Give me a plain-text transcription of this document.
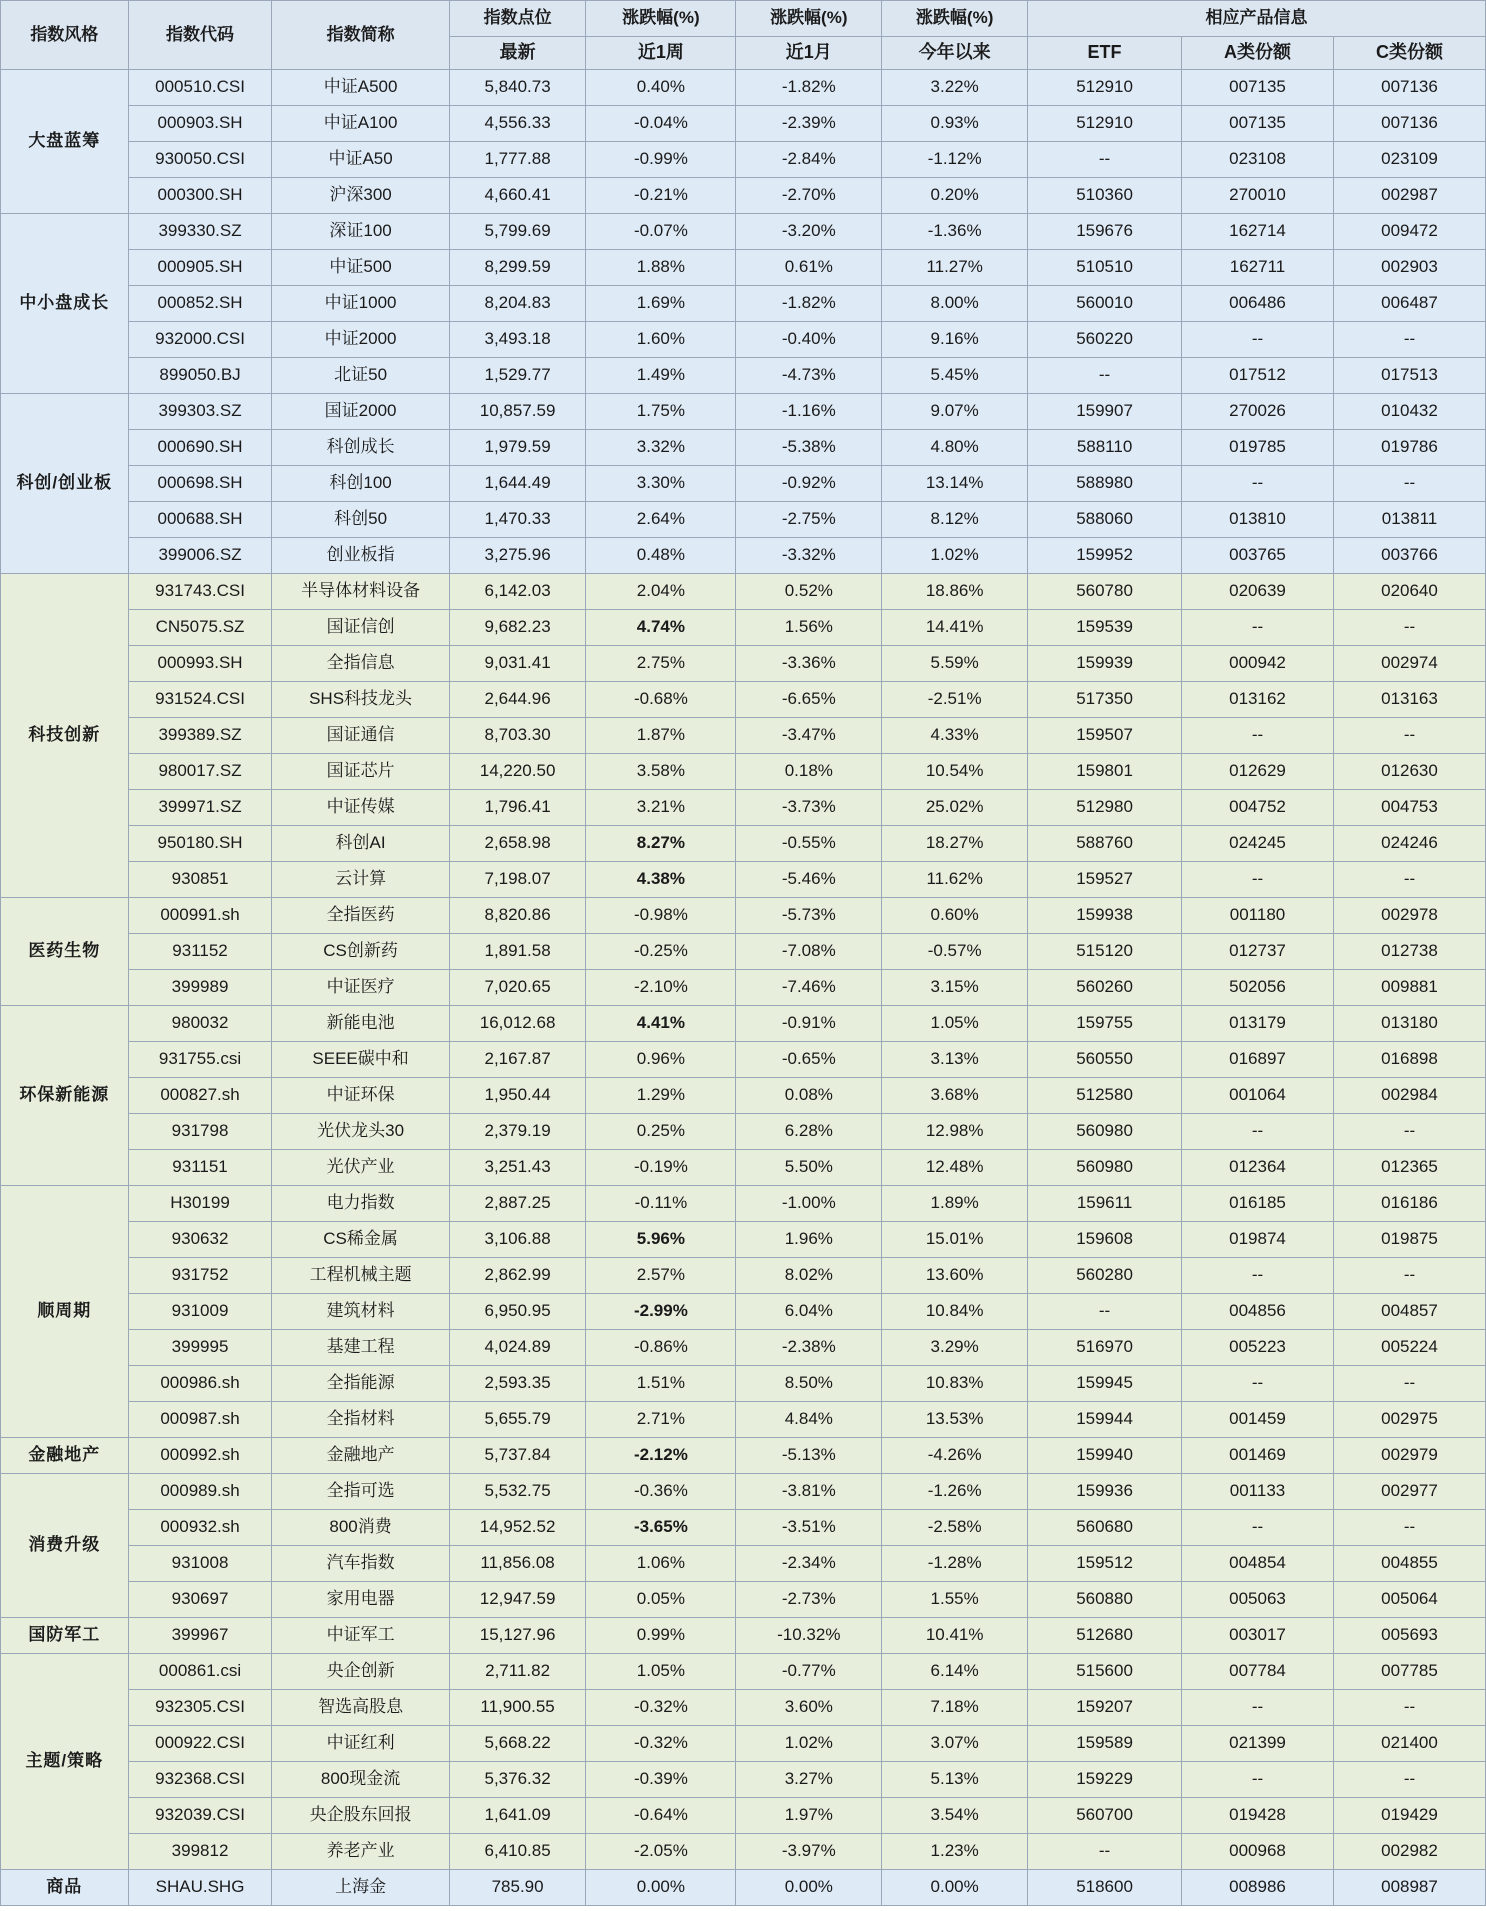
指数风格	指数代码	指数简称	指数点位	涨跌幅(%)	涨跌幅(%)	涨跌幅(%)	相应产品信息		
			最新	近1周	近1月	今年以来	ETF	A类份额	C类份额
大盘蓝筹	000510.CSI	中证A500	5,840.73	0.40%	-1.82%	3.22%	512910	007135	007136
	000903.SH	中证A100	4,556.33	-0.04%	-2.39%	0.93%	512910	007135	007136
	930050.CSI	中证A50	1,777.88	-0.99%	-2.84%	-1.12%	--	023108	023109
	000300.SH	沪深300	4,660.41	-0.21%	-2.70%	0.20%	510360	270010	002987
中小盘成长	399330.SZ	深证100	5,799.69	-0.07%	-3.20%	-1.36%	159676	162714	009472
	000905.SH	中证500	8,299.59	1.88%	0.61%	11.27%	510510	162711	002903
	000852.SH	中证1000	8,204.83	1.69%	-1.82%	8.00%	560010	006486	006487
	932000.CSI	中证2000	3,493.18	1.60%	-0.40%	9.16%	560220	--	--
	899050.BJ	北证50	1,529.77	1.49%	-4.73%	5.45%	--	017512	017513
科创/创业板	399303.SZ	国证2000	10,857.59	1.75%	-1.16%	9.07%	159907	270026	010432
	000690.SH	科创成长	1,979.59	3.32%	-5.38%	4.80%	588110	019785	019786
	000698.SH	科创100	1,644.49	3.30%	-0.92%	13.14%	588980	--	--
	000688.SH	科创50	1,470.33	2.64%	-2.75%	8.12%	588060	013810	013811
	399006.SZ	创业板指	3,275.96	0.48%	-3.32%	1.02%	159952	003765	003766
科技创新	931743.CSI	半导体材料设备	6,142.03	2.04%	0.52%	18.86%	560780	020639	020640
	CN5075.SZ	国证信创	9,682.23	4.74%	1.56%	14.41%	159539	--	--
	000993.SH	全指信息	9,031.41	2.75%	-3.36%	5.59%	159939	000942	002974
	931524.CSI	SHS科技龙头	2,644.96	-0.68%	-6.65%	-2.51%	517350	013162	013163
	399389.SZ	国证通信	8,703.30	1.87%	-3.47%	4.33%	159507	--	--
	980017.SZ	国证芯片	14,220.50	3.58%	0.18%	10.54%	159801	012629	012630
	399971.SZ	中证传媒	1,796.41	3.21%	-3.73%	25.02%	512980	004752	004753
	950180.SH	科创AI	2,658.98	8.27%	-0.55%	18.27%	588760	024245	024246
	930851	云计算	7,198.07	4.38%	-5.46%	11.62%	159527	--	--
医药生物	000991.sh	全指医药	8,820.86	-0.98%	-5.73%	0.60%	159938	001180	002978
	931152	CS创新药	1,891.58	-0.25%	-7.08%	-0.57%	515120	012737	012738
	399989	中证医疗	7,020.65	-2.10%	-7.46%	3.15%	560260	502056	009881
环保新能源	980032	新能电池	16,012.68	4.41%	-0.91%	1.05%	159755	013179	013180
	931755.csi	SEEE碳中和	2,167.87	0.96%	-0.65%	3.13%	560550	016897	016898
	000827.sh	中证环保	1,950.44	1.29%	0.08%	3.68%	512580	001064	002984
	931798	光伏龙头30	2,379.19	0.25%	6.28%	12.98%	560980	--	--
	931151	光伏产业	3,251.43	-0.19%	5.50%	12.48%	560980	012364	012365
顺周期	H30199	电力指数	2,887.25	-0.11%	-1.00%	1.89%	159611	016185	016186
	930632	CS稀金属	3,106.88	5.96%	1.96%	15.01%	159608	019874	019875
	931752	工程机械主题	2,862.99	2.57%	8.02%	13.60%	560280	--	--
	931009	建筑材料	6,950.95	-2.99%	6.04%	10.84%	--	004856	004857
	399995	基建工程	4,024.89	-0.86%	-2.38%	3.29%	516970	005223	005224
	000986.sh	全指能源	2,593.35	1.51%	8.50%	10.83%	159945	--	--
	000987.sh	全指材料	5,655.79	2.71%	4.84%	13.53%	159944	001459	002975
金融地产	000992.sh	金融地产	5,737.84	-2.12%	-5.13%	-4.26%	159940	001469	002979
消费升级	000989.sh	全指可选	5,532.75	-0.36%	-3.81%	-1.26%	159936	001133	002977
	000932.sh	800消费	14,952.52	-3.65%	-3.51%	-2.58%	560680	--	--
	931008	汽车指数	11,856.08	1.06%	-2.34%	-1.28%	159512	004854	004855
	930697	家用电器	12,947.59	0.05%	-2.73%	1.55%	560880	005063	005064
国防军工	399967	中证军工	15,127.96	0.99%	-10.32%	10.41%	512680	003017	005693
主题/策略	000861.csi	央企创新	2,711.82	1.05%	-0.77%	6.14%	515600	007784	007785
	932305.CSI	智选高股息	11,900.55	-0.32%	3.60%	7.18%	159207	--	--
	000922.CSI	中证红利	5,668.22	-0.32%	1.02%	3.07%	159589	021399	021400
	932368.CSI	800现金流	5,376.32	-0.39%	3.27%	5.13%	159229	--	--
	932039.CSI	央企股东回报	1,641.09	-0.64%	1.97%	3.54%	560700	019428	019429
	399812	养老产业	6,410.85	-2.05%	-3.97%	1.23%	--	000968	002982
商品	SHAU.SHG	上海金	785.90	0.00%	0.00%	0.00%	518600	008986	008987
